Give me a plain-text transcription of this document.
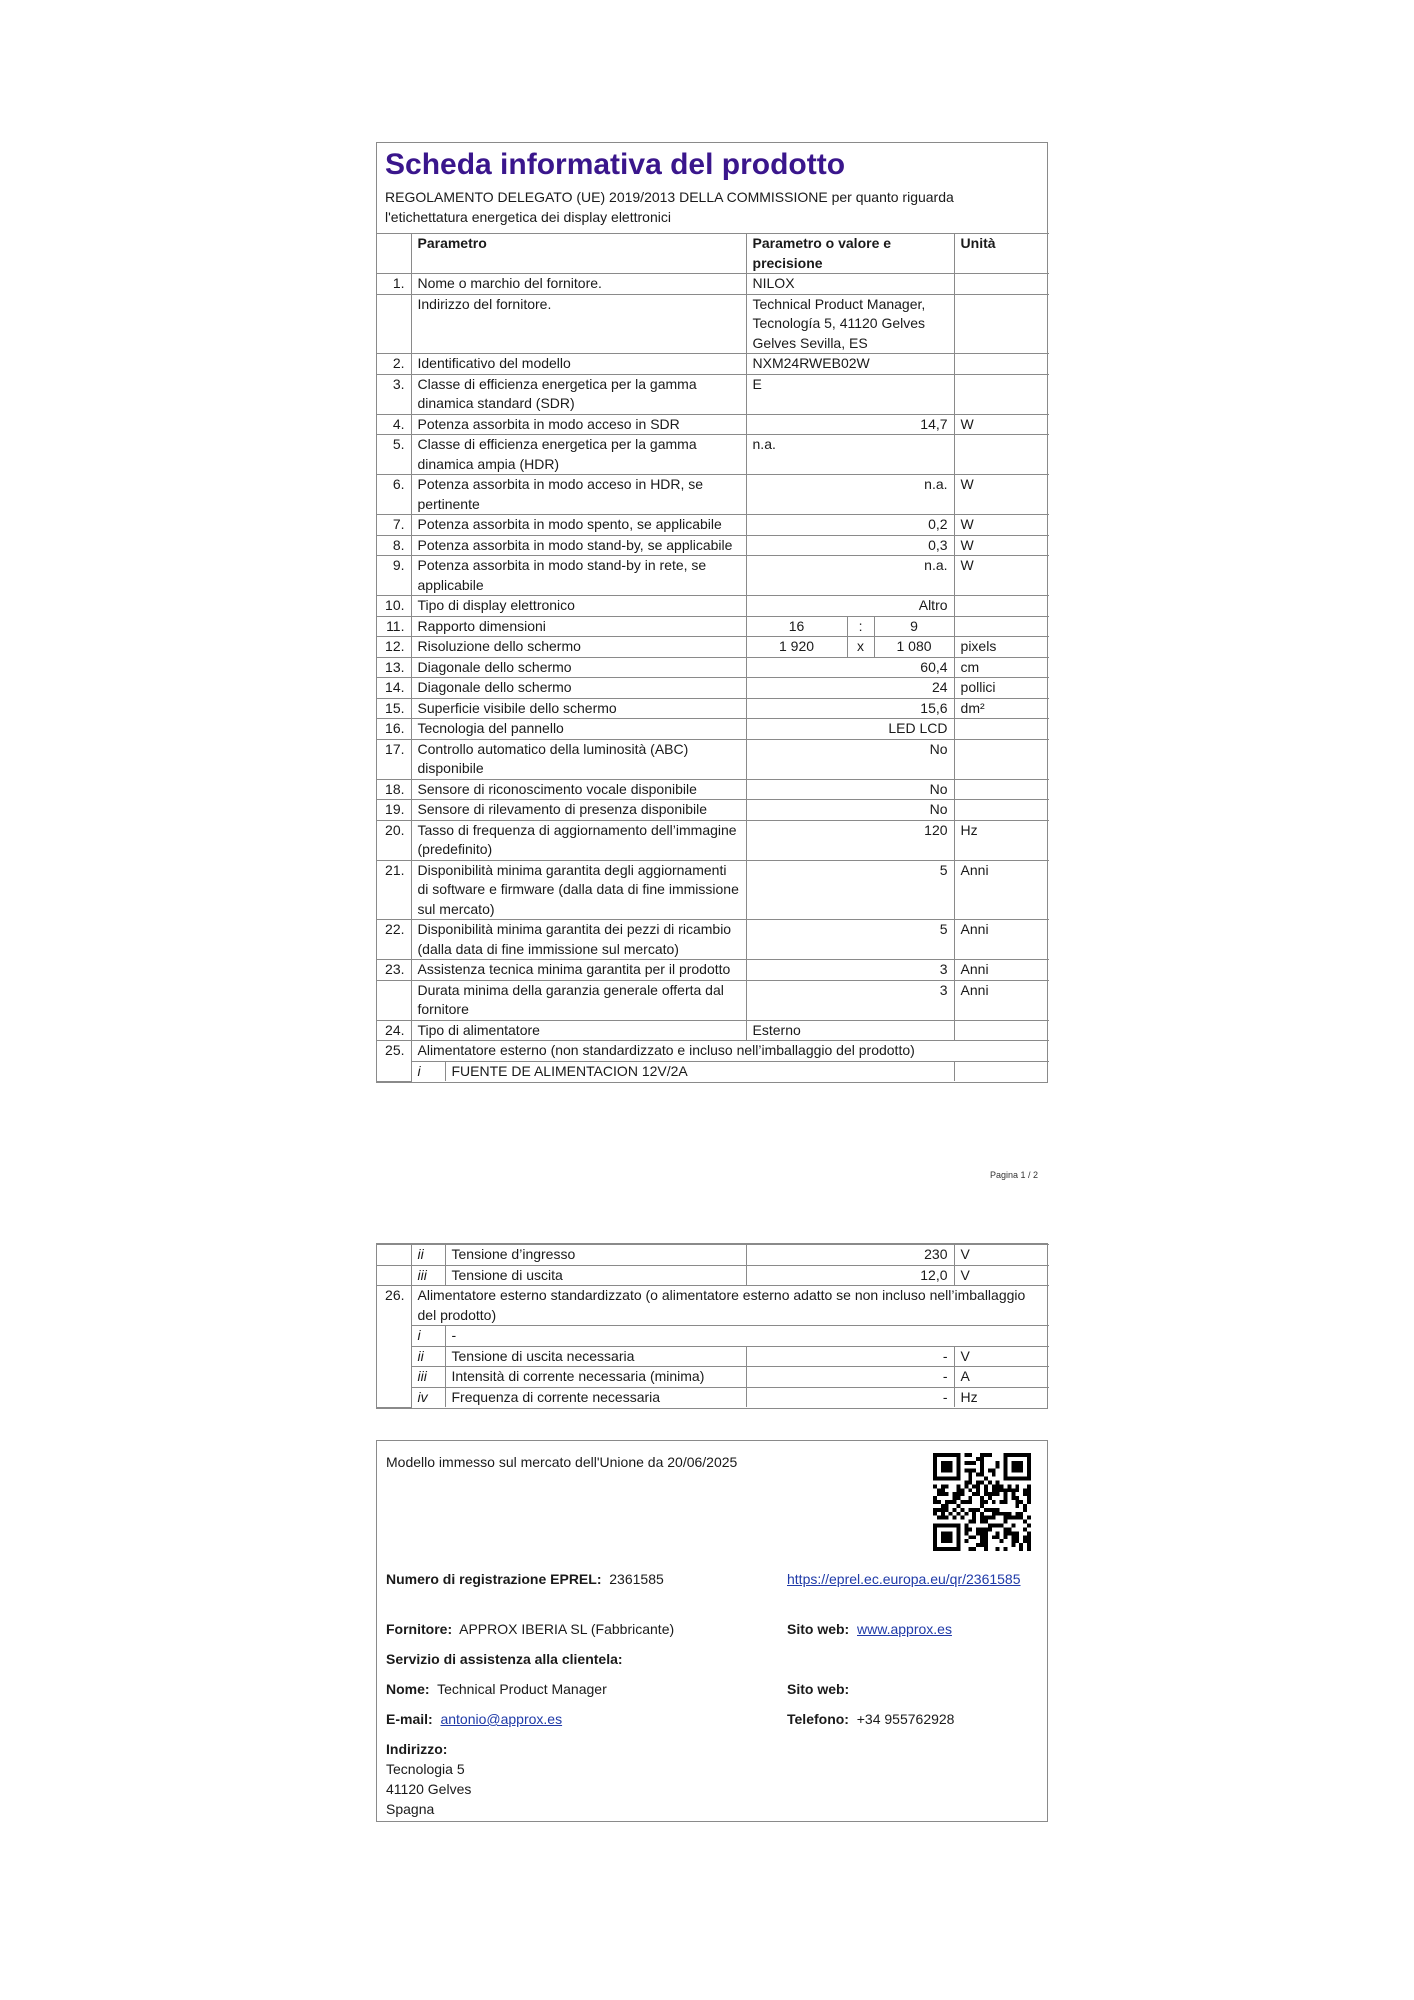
Scheda informativa del prodotto
REGOLAMENTO DELEGATO (UE) 2019/2013 DELLA COMMISSIONE per quanto riguarda l'etichettatura energetica dei display elettronici
	Parametro		Parametro o valore e precisione			Unità
1.	Nome o marchio del fornitore.		NILOX			
	Indirizzo del fornitore.		Technical Product Manager, Tecnología 5, 41120 Gelves Gelves Sevilla, ES			
2.	Identificativo del modello		NXM24RWEB02W			
3.	Classe di efficienza energetica per la gamma dinamica standard (SDR)		E			
4.	Potenza assorbita in modo acceso in SDR		14,7			W
5.	Classe di efficienza energetica per la gamma dinamica ampia (HDR)		n.a.			
6.	Potenza assorbita in modo acceso in HDR, se pertinente		n.a.			W
7.	Potenza assorbita in modo spento, se applicabile		0,2			W
8.	Potenza assorbita in modo stand-by, se applicabile		0,3			W
9.	Potenza assorbita in modo stand-by in rete, se applicabile		n.a.			W
10.	Tipo di display elettronico		Altro			
11.	Rapporto dimensioni		16	:	9	
12.	Risoluzione dello schermo		1 920	x	1 080	pixels
13.	Diagonale dello schermo		60,4			cm
14.	Diagonale dello schermo		24			pollici
15.	Superficie visibile dello schermo		15,6			dm²
16.	Tecnologia del pannello		LED LCD			
17.	Controllo automatico della luminosità (ABC) disponibile		No			
18.	Sensore di riconoscimento vocale disponibile		No			
19.	Sensore di rilevamento di presenza disponibile		No			
20.	Tasso di frequenza di aggiornamento dell’immagine (predefinito)		120			Hz
21.	Disponibilità minima garantita degli aggiornamenti di software e firmware (dalla data di fine immissione sul mercato)		5			Anni
22.	Disponibilità minima garantita dei pezzi di ricambio (dalla data di fine immissione sul mercato)		5			Anni
23.	Assistenza tecnica minima garantita per il prodotto		3			Anni
	Durata minima della garanzia generale offerta dal fornitore		3			Anni
24.	Tipo di alimentatore		Esterno			
25.	Alimentatore esterno (non standardizzato e incluso nell’imballaggio del prodotto)					
	i	FUENTE DE ALIMENTACION 12V/2A				
Pagina 1 / 2
	ii	Tensione d’ingresso	230	V
	iii	Tensione di uscita	12,0	V
26.	Alimentatore esterno standardizzato (o alimentatore esterno adatto se non incluso nell’imballaggio del prodotto)			
	i	-		
	ii	Tensione di uscita necessaria	-	V
	iii	Intensità di corrente necessaria (minima)	-	A
	iv	Frequenza di corrente necessaria	-	Hz
Modello immesso sul mercato dell'Unione da 20/06/2025
Numero di registrazione EPREL: 2361585	https://eprel.ec.europa.eu/qr/2361585
Fornitore: APPROX IBERIA SL (Fabbricante)	Sito web: www.approx.es
Servizio di assistenza alla clientela:
Nome: Technical Product Manager	Sito web:
E-mail: antonio@approx.es	Telefono: +34 955762928
Indirizzo:
Tecnologia 5
41120 Gelves
Spagna
